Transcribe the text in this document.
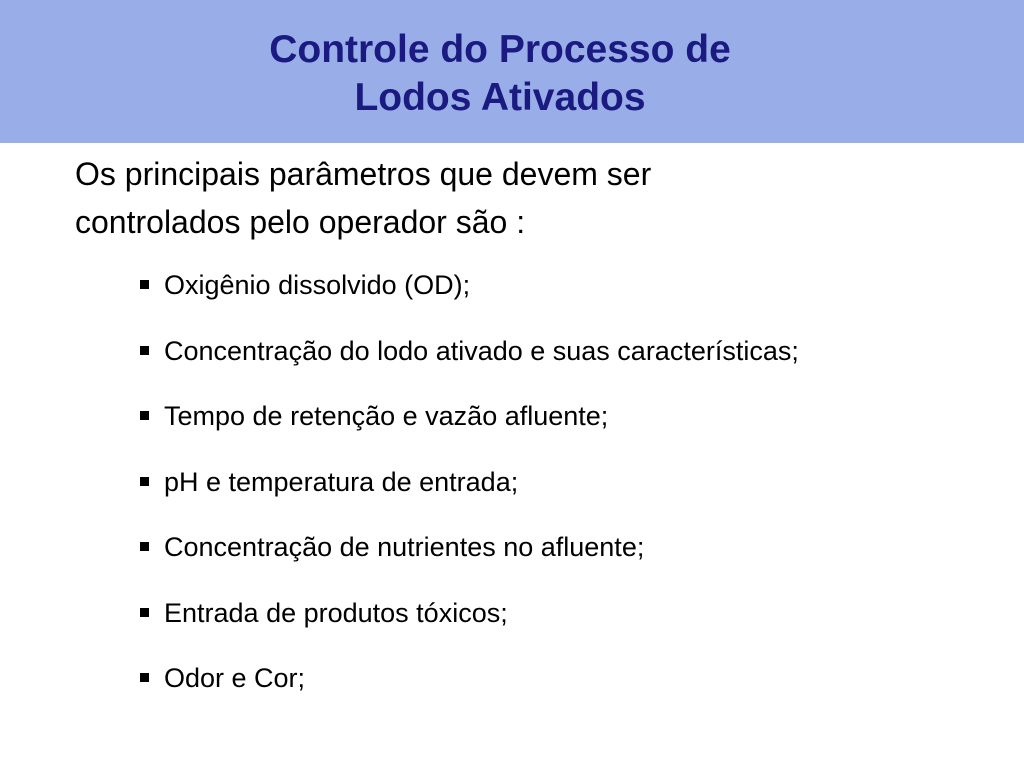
Controle do Processo de
Lodos Ativados
Os principais parâmetros que devem ser
controlados pelo operador são :
Oxigênio dissolvido (OD);
Concentração do lodo ativado e suas características;
Tempo de retenção e vazão afluente;
pH e temperatura de entrada;
Concentração de nutrientes no afluente;
Entrada de produtos tóxicos;
Odor e Cor;
